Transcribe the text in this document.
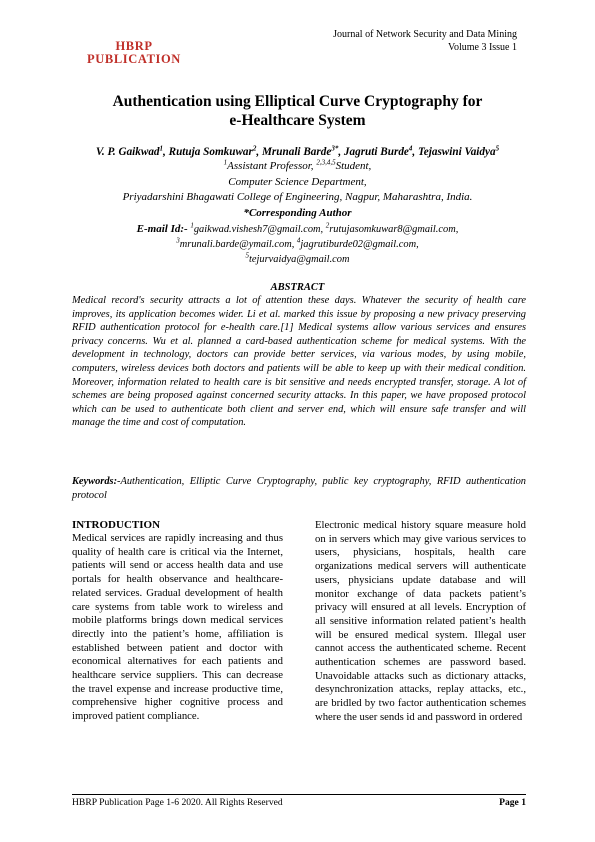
HBRP
PUBLICATION
Journal of Network Security and Data Mining
Volume 3 Issue 1
Authentication using Elliptical Curve Cryptography for
e-Healthcare System
V. P. Gaikwad$^1$, Rutuja Somkuwar$^2$, Mrunali Barde$^{3*}$, Jagruti Burde$^4$, Tejaswini Vaidya$^5$
$^1$Assistant Professor, $^{2,3,4,5}$Student,
Computer Science Department,
Priyadarshini Bhagawati College of Engineering, Nagpur, Maharashtra, India.
*Corresponding Author
E-mail Id:- $^1$gaikwad.vishesh7@gmail.com, $^2$rutujasomkuwar8@gmail.com,
$^3$mrunali.barde@ymail.com, $^4$jagrutiburde02@gmail.com,
$^5$tejurvaidya@gmail.com
ABSTRACT
Medical record's security attracts a lot of attention these days. Whatever the security of health care improves, its application becomes wider. Li et al. marked this issue by proposing a new privacy preserving RFID authentication protocol for e-health care.[1] Medical systems allow various services and ensures privacy concerns. Wu et al. planned a card-based authentication scheme for medical systems. With the development in technology, doctors can provide better services, via various modes, by using mobile, computers, wireless devices both doctors and patients will be able to keep up with their medical condition. Moreover, information related to health care is bit sensitive and needs encrypted transfer, storage. A lot of schemes are being proposed against concerned security attacks. In this paper, we have proposed protocol which can be used to authenticate both client and server end, which will ensure safe transfer and will manage the time and cost of computation.
Keywords:-Authentication, Elliptic Curve Cryptography, public key cryptography, RFID authentication protocol
INTRODUCTION
Medical services are rapidly increasing and thus quality of health care is critical via the Internet, patients will send or access health data and use portals for health observance and healthcare-related services. Gradual development of health care systems from table work to wireless and mobile platforms brings down medical services directly into the patient’s home, affiliation is established between patient and doctor with economical alternatives for each patients and healthcare service suppliers. This can decrease the travel expense and increase productive time, comprehensive higher cognitive process and improved patient compliance.
Electronic medical history square measure hold on in servers which may give various services to users, physicians, hospitals, health care organizations medical servers will authenticate users, physicians update database and will monitor exchange of data packets patient’s privacy will ensured at all levels. Encryption of all sensitive information related patient’s health will be ensured medical system. Illegal user cannot access the authenticated scheme. Recent authentication schemes are password based. Unavoidable attacks such as dictionary attacks, desynchronization attacks, replay attacks, etc., are bridled by two factor authentication schemes where the user sends id and password in ordered
HBRP Publication Page 1-6 2020. All Rights Reserved	Page 1
